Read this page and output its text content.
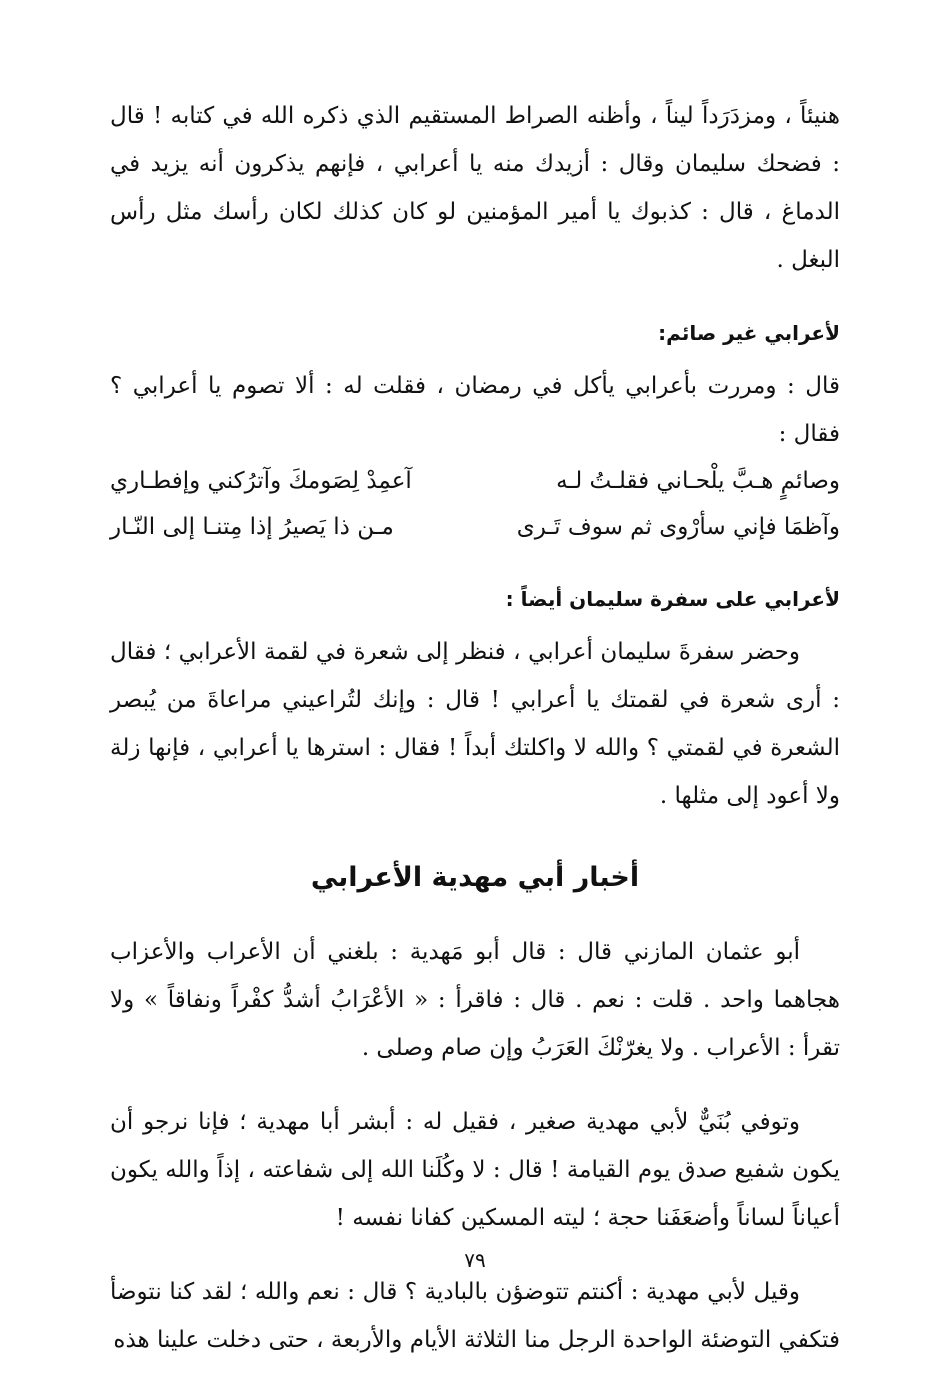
هنيئاً ، ومزدَرَداً ليناً ، وأظنه الصراط المستقيم الذي ذكره الله في كتابه ! قال : فضحك سليمان وقال : أزيدك منه يا أعرابي ، فإنهم يذكرون أنه يزيد في الدماغ ، قال : كذبوك يا أمير المؤمنين لو كان كذلك لكان رأسك مثل رأس البغل .

لأعرابي غير صائم:

قال : ومررت بأعرابي يأكل في رمضان ، فقلت له : ألا تصوم يا أعرابي ؟ فقال :

وصائمٍ هـبَّ يلْحـاني فقلـتُ لـه
آعمِدْ لِصَومكَ وآترُكني وإفطـاري
وآظمَا فإني سأرْوى ثم سوف تَـرى
مـن ذا يَصيرُ إذا مِتنـا إلى النّـار
لأعرابي على سفرة سليمان أيضاً :

وحضر سفرةَ سليمان أعرابي ، فنظر إلى شعرة في لقمة الأعرابي ؛ فقال : أرى شعرة في لقمتك يا أعرابي ! قال : وإنك لتُراعيني مراعاةَ من يُبصر الشعرة في لقمتي ؟ والله لا واكلتك أبداً ! فقال : استرها يا أعرابي ، فإنها زلة ولا أعود إلى مثلها .

أخبار أبي مهدية الأعرابي

أبو عثمان المازني قال : قال أبو مَهدية : بلغني أن الأعراب والأعزاب هجاهما واحد . قلت : نعم . قال : فاقرأ : « الأعْرَابُ أشدُّ كفْراً ونفاقاً » ولا تقرأ : الأعراب . ولا يغرّنْكَ العَرَبُ وإن صام وصلى .

وتوفي بُنَيٌّ لأبي مهدية صغير ، فقيل له : أبشر أبا مهدية ؛ فإنا نرجو أن يكون شفيع صدق يوم القيامة ! قال : لا وكُلَنا الله إلى شفاعته ، إذاً والله يكون أعياناً لساناً وأضعَفَنا حجة ؛ ليته المسكين كفانا نفسه !

وقيل لأبي مهدية : أكنتم تتوضؤن بالبادية ؟ قال : نعم والله ؛ لقد كنا نتوضأ فتكفي التوضئة الواحدة الرجل منا الثلاثة الأيام والأربعة ، حتى دخلت علينا هذه

٧٩
